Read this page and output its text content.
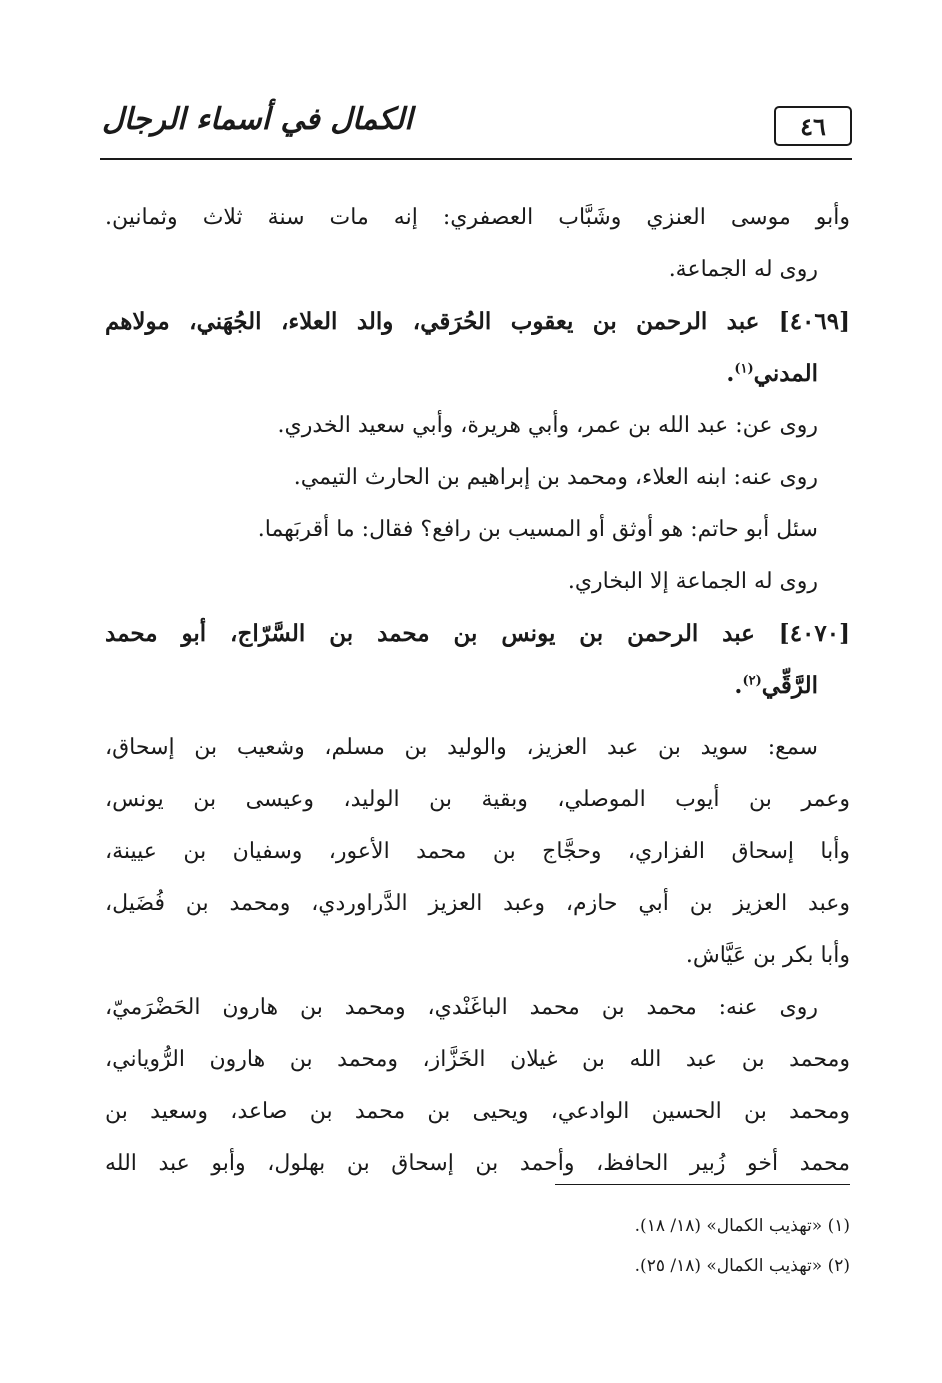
٤٦
الكمال في أسماء الرجال
وأبو موسى العنزي وشَبَّاب العصفري: إنه مات سنة ثلاث وثمانين.
روى له الجماعة.
[٤٠٦٩] عبد الرحمن بن يعقوب الحُرَقي، والد العلاء، الجُهَني، مولاهم
المدني$^{(١)}$.
روى عن: عبد الله بن عمر، وأبي هريرة، وأبي سعيد الخدري.
روى عنه: ابنه العلاء، ومحمد بن إبراهيم بن الحارث التيمي.
سئل أبو حاتم: هو أوثق أو المسيب بن رافع؟ فقال: ما أقربَهما.
روى له الجماعة إلا البخاري.
[٤٠٧٠] عبد الرحمن بن يونس بن محمد بن السَّرّاج، أبو محمد
الرَّقِّي$^{(٢)}$.
سمع: سويد بن عبد العزيز، والوليد بن مسلم، وشعيب بن إسحاق،
وعمر بن أيوب الموصلي، وبقية بن الوليد، وعيسى بن يونس،
وأبا إسحاق الفزاري، وحجَّاج بن محمد الأعور، وسفيان بن عيينة،
وعبد العزيز بن أبي حازم، وعبد العزيز الدَّراوردي، ومحمد بن فُضَيل،
وأبا بكر بن عَيَّاش.
روى عنه: محمد بن محمد الباغَنْدي، ومحمد بن هارون الحَضْرَميّ،
ومحمد بن عبد الله بن غيلان الخَزَّاز، ومحمد بن هارون الرُّوياني،
ومحمد بن الحسين الوادعي، ويحيى بن محمد بن صاعد، وسعيد بن
محمد أخو زُبير الحافظ، وأحمد بن إسحاق بن بهلول، وأبو عبد الله
(١) «تهذيب الكمال» (١٨/ ١٨).
(٢) «تهذيب الكمال» (١٨/ ٢٥).
